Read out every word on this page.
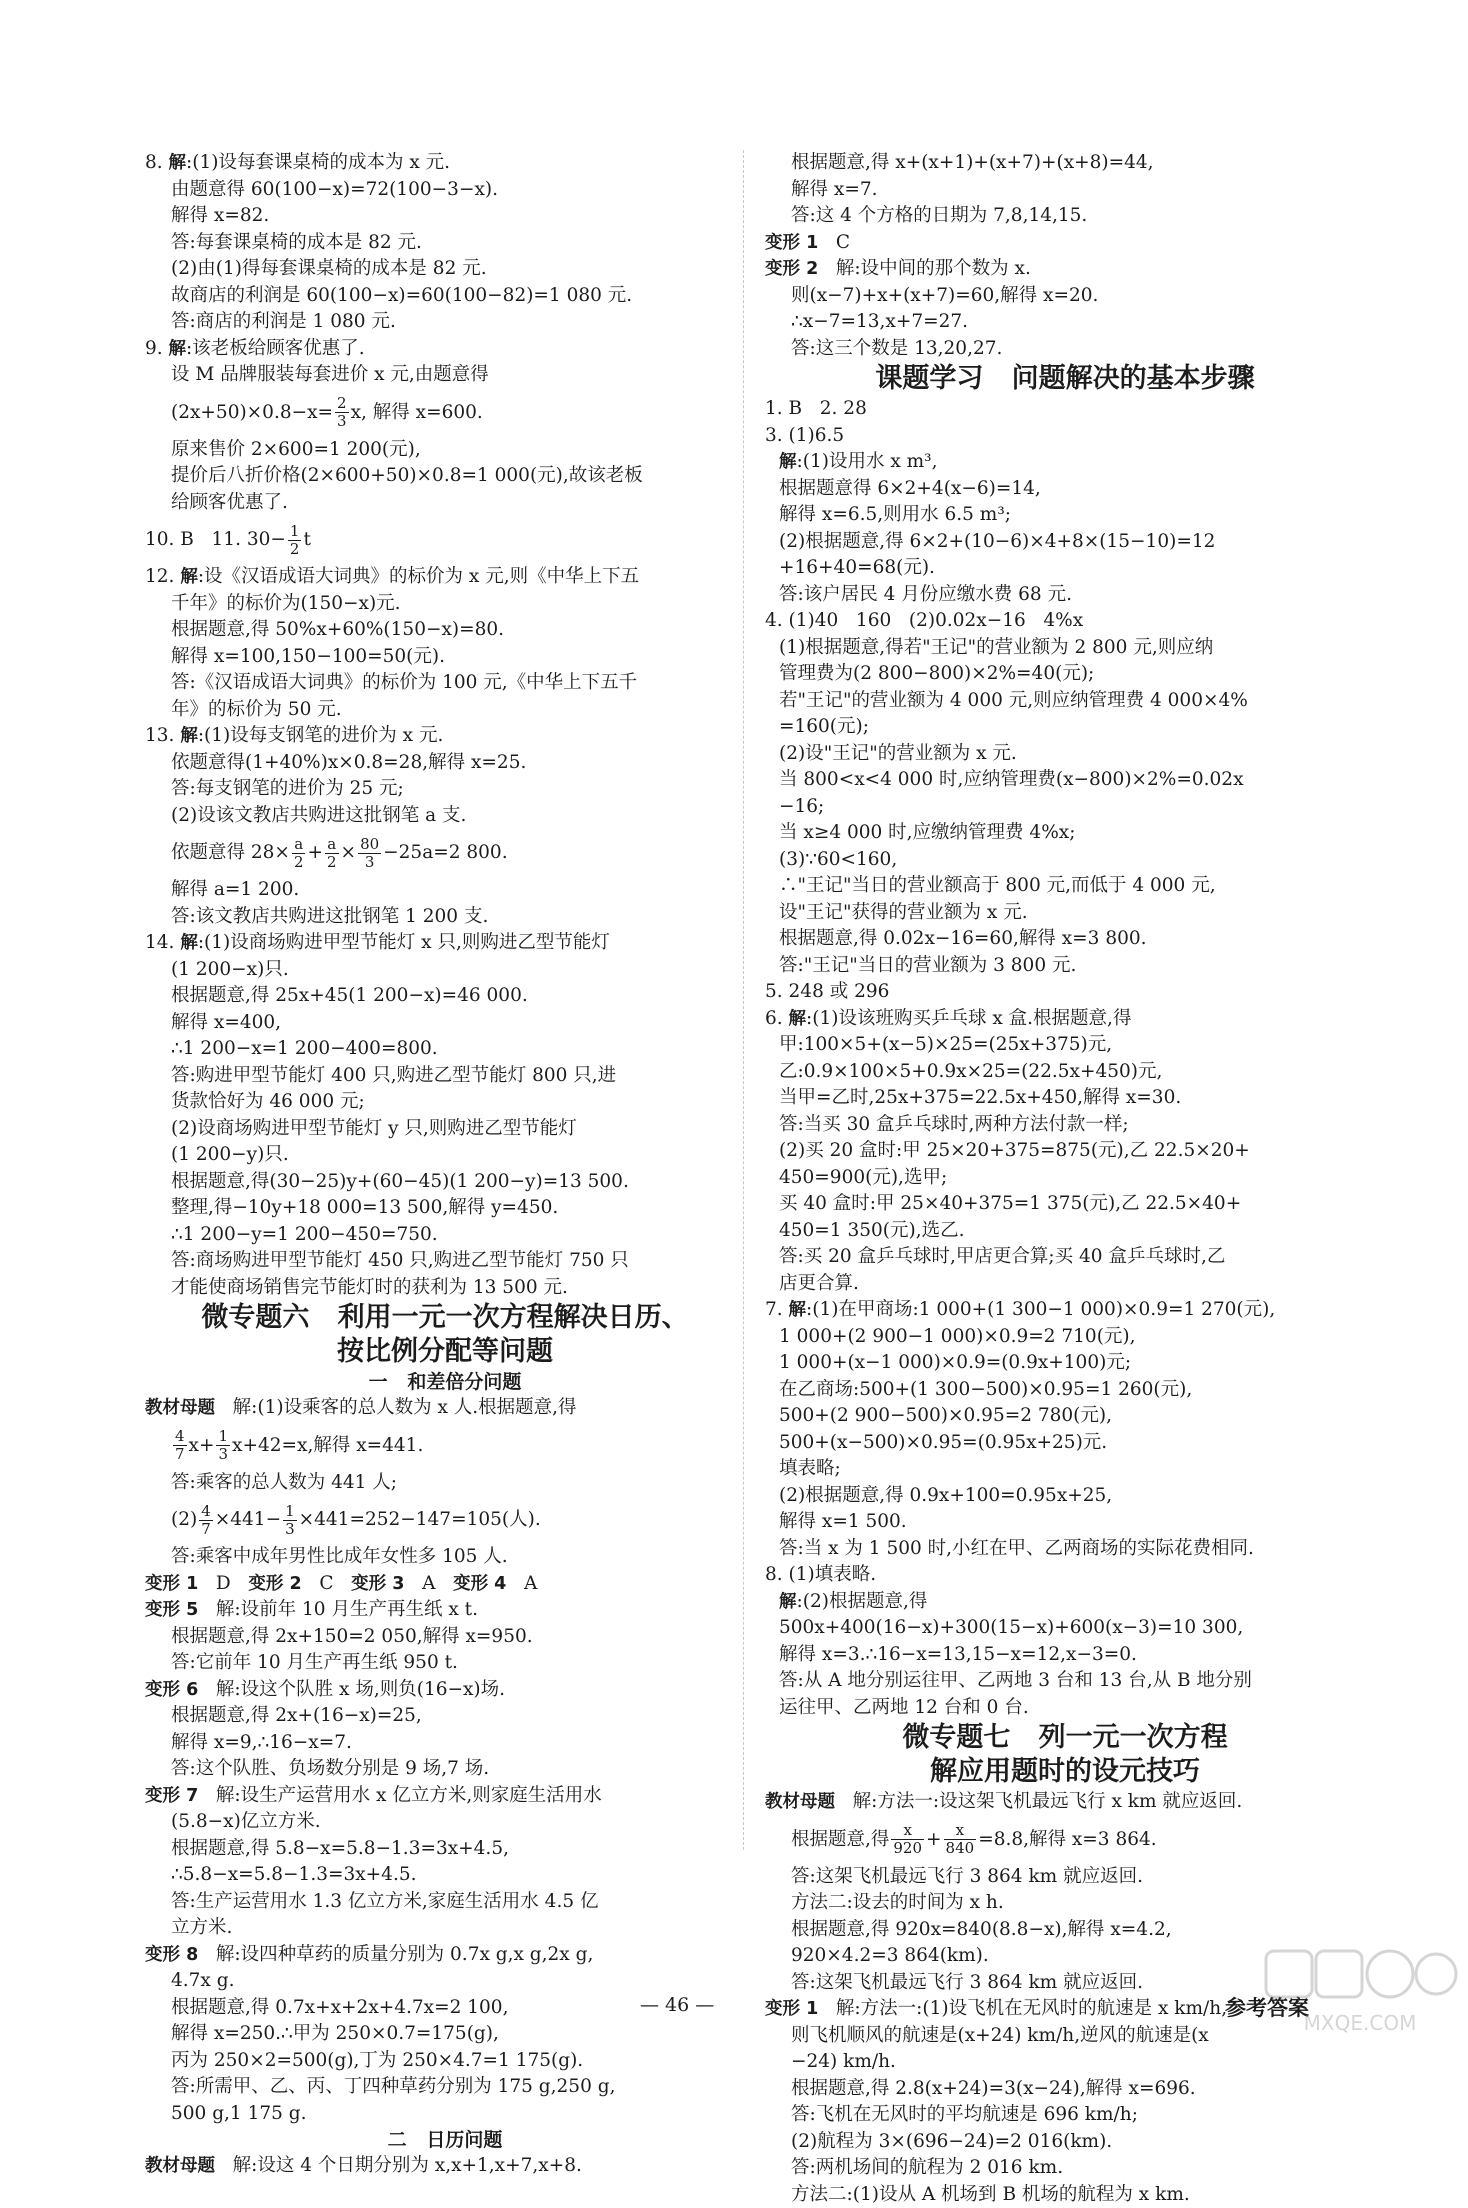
8. 解:(1)设每套课桌椅的成本为 x 元.
由题意得 60(100−x)=72(100−3−x).
解得 x=82.
答:每套课桌椅的成本是 82 元.
(2)由(1)得每套课桌椅的成本是 82 元.
故商店的利润是 60(100−x)=60(100−82)=1 080 元.
答:商店的利润是 1 080 元.
9. 解:该老板给顾客优惠了.
设 M 品牌服装每套进价 x 元,由题意得
$(2x+50)\times 0.8-x= \frac{2}{3} x$, 解得 x=600.
原来售价 2×600=1 200(元),
提价后八折价格(2×600+50)×0.8=1 000(元),故该老板
给顾客优惠了.
10. B   11. $30- \frac{1}{2}$ t
12. 解:设《汉语成语大词典》的标价为 x 元,则《中华上下五
千年》的标价为(150−x)元.
根据题意,得 50%x+60%(150−x)=80.
解得 x=100,150−100=50(元).
答:《汉语成语大词典》的标价为 100 元,《中华上下五千
年》的标价为 50 元.
13. 解:(1)设每支钢笔的进价为 x 元.
依题意得(1+40%)x×0.8=28,解得 x=25.
答:每支钢笔的进价为 25 元;
(2)设该文教店共购进这批钢笔 a 支.
依题意得 $28\times \frac{a}{2} + \frac{a}{2} \times \frac{80}{3} -25a=2$ 800.
解得 a=1 200.
答:该文教店共购进这批钢笔 1 200 支.
14. 解:(1)设商场购进甲型节能灯 x 只,则购进乙型节能灯
(1 200−x)只.
根据题意,得 25x+45(1 200−x)=46 000.
解得 x=400,
∴1 200−x=1 200−400=800.
答:购进甲型节能灯 400 只,购进乙型节能灯 800 只,进
货款恰好为 46 000 元;
(2)设商场购进甲型节能灯 y 只,则购进乙型节能灯
(1 200−y)只.
根据题意,得(30−25)y+(60−45)(1 200−y)=13 500.
整理,得−10y+18 000=13 500,解得 y=450.
∴1 200−y=1 200−450=750.
答:商场购进甲型节能灯 450 只,购进乙型节能灯 750 只
才能使商场销售完节能灯时的获利为 13 500 元.
微专题六   利用一元一次方程解决日历、
按比例分配等问题
一   和差倍分问题
教材母题   解:(1)设乘客的总人数为 x 人.根据题意,得
$\frac{4}{7} x+ \frac{1}{3} x+42=x$,解得 x=441.
答:乘客的总人数为 441 人;
$(2) \frac{4}{7} \times 441- \frac{1}{3} \times 441=252-147=105$(人).
答:乘客中成年男性比成年女性多 105 人.
变形 1   D   变形 2   C   变形 3   A   变形 4   A
变形 5   解:设前年 10 月生产再生纸 x t.
根据题意,得 2x+150=2 050,解得 x=950.
答:它前年 10 月生产再生纸 950 t.
变形 6   解:设这个队胜 x 场,则负(16−x)场.
根据题意,得 2x+(16−x)=25,
解得 x=9,∴16−x=7.
答:这个队胜、负场数分别是 9 场,7 场.
变形 7   解:设生产运营用水 x 亿立方米,则家庭生活用水
(5.8−x)亿立方米.
根据题意,得 5.8−x=5.8−1.3=3x+4.5,
∴5.8−x=5.8−1.3=3x+4.5.
答:生产运营用水 1.3 亿立方米,家庭生活用水 4.5 亿
立方米.
变形 8   解:设四种草药的质量分别为 0.7x g,x g,2x g,
4.7x g.
根据题意,得 0.7x+x+2x+4.7x=2 100,
解得 x=250.∴甲为 250×0.7=175(g),
丙为 250×2=500(g),丁为 250×4.7=1 175(g).
答:所需甲、乙、丙、丁四种草药分别为 175 g,250 g,
500 g,1 175 g.
二   日历问题
教材母题   解:设这 4 个日期分别为 x,x+1,x+7,x+8.
根据题意,得 x+(x+1)+(x+7)+(x+8)=44,
解得 x=7.
答:这 4 个方格的日期为 7,8,14,15.
变形 1   C
变形 2   解:设中间的那个数为 x.
则(x−7)+x+(x+7)=60,解得 x=20.
∴x−7=13,x+7=27.
答:这三个数是 13,20,27.
课题学习   问题解决的基本步骤
1. B   2. 28
3. (1)6.5
解:(1)设用水 x m³,
根据题意得 6×2+4(x−6)=14,
解得 x=6.5,则用水 6.5 m³;
(2)根据题意,得 6×2+(10−6)×4+8×(15−10)=12
+16+40=68(元).
答:该户居民 4 月份应缴水费 68 元.
4. (1)40   160   (2)0.02x−16   4%x
(1)根据题意,得若"王记"的营业额为 2 800 元,则应纳
管理费为(2 800−800)×2%=40(元);
若"王记"的营业额为 4 000 元,则应纳管理费 4 000×4%
=160(元);
(2)设"王记"的营业额为 x 元.
当 800<x<4 000 时,应纳管理费(x−800)×2%=0.02x
−16;
当 x≥4 000 时,应缴纳管理费 4%x;
(3)∵60<160,
∴"王记"当日的营业额高于 800 元,而低于 4 000 元,
设"王记"获得的营业额为 x 元.
根据题意,得 0.02x−16=60,解得 x=3 800.
答:"王记"当日的营业额为 3 800 元.
5. 248 或 296
6. 解:(1)设该班购买乒乓球 x 盒.根据题意,得
甲:100×5+(x−5)×25=(25x+375)元,
乙:0.9×100×5+0.9x×25=(22.5x+450)元,
当甲=乙时,25x+375=22.5x+450,解得 x=30.
答:当买 30 盒乒乓球时,两种方法付款一样;
(2)买 20 盒时:甲 25×20+375=875(元),乙 22.5×20+
450=900(元),选甲;
买 40 盒时:甲 25×40+375=1 375(元),乙 22.5×40+
450=1 350(元),选乙.
答:买 20 盒乒乓球时,甲店更合算;买 40 盒乒乓球时,乙
店更合算.
7. 解:(1)在甲商场:1 000+(1 300−1 000)×0.9=1 270(元),
1 000+(2 900−1 000)×0.9=2 710(元),
1 000+(x−1 000)×0.9=(0.9x+100)元;
在乙商场:500+(1 300−500)×0.95=1 260(元),
500+(2 900−500)×0.95=2 780(元),
500+(x−500)×0.95=(0.95x+25)元.
填表略;
(2)根据题意,得 0.9x+100=0.95x+25,
解得 x=1 500.
答:当 x 为 1 500 时,小红在甲、乙两商场的实际花费相同.
8. (1)填表略.
解:(2)根据题意,得
500x+400(16−x)+300(15−x)+600(x−3)=10 300,
解得 x=3.∴16−x=13,15−x=12,x−3=0.
答:从 A 地分别运往甲、乙两地 3 台和 13 台,从 B 地分别
运往甲、乙两地 12 台和 0 台.
微专题七   列一元一次方程
解应用题时的设元技巧
教材母题   解:方法一:设这架飞机最远飞行 x km 就应返回.
根据题意,得 $\frac{x}{920} + \frac{x}{840} =8.8$,解得 x=3 864.
答:这架飞机最远飞行 3 864 km 就应返回.
方法二:设去的时间为 x h.
根据题意,得 920x=840(8.8−x),解得 x=4.2,
920×4.2=3 864(km).
答:这架飞机最远飞行 3 864 km 就应返回.
变形 1   解:方法一:(1)设飞机在无风时的航速是 x km/h,
则飞机顺风的航速是(x+24) km/h,逆风的航速是(x
−24) km/h.
根据题意,得 2.8(x+24)=3(x−24),解得 x=696.
答:飞机在无风时的平均航速是 696 km/h;
(2)航程为 3×(696−24)=2 016(km).
答:两机场间的航程为 2 016 km.
方法二:(1)设从 A 机场到 B 机场的航程为 x km.
— 46 —	参考答案
MXQE.COM
